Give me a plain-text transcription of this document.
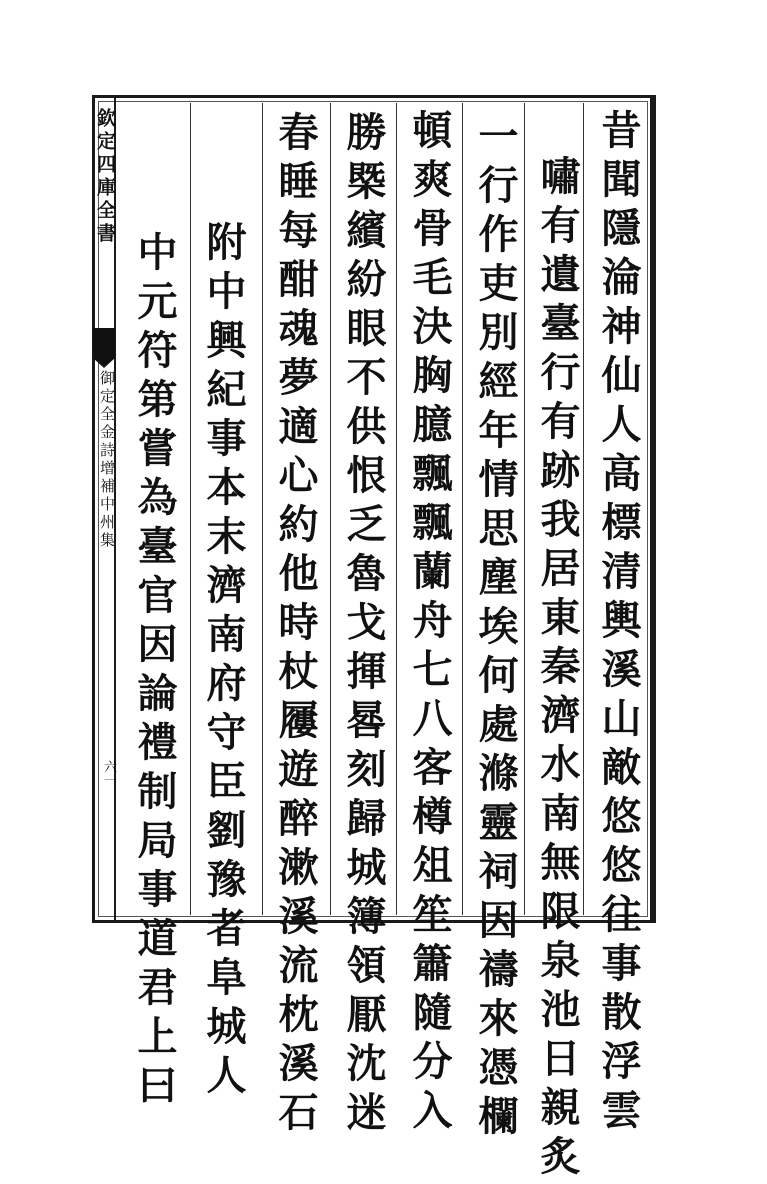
欽定四庫全書
御定全金詩增補中州集
六一	昔聞隱淪神仙人高標清輿溪山敵悠悠往事散浮雲
嘯有遺臺行有跡我居東秦濟水南無限泉池日親炙
一行作吏別經年情思塵埃何處滌靈祠因禱來憑欄
頓爽骨毛決胸臆飄飄蘭舟七八客樽俎笙簫隨分入
勝槩繽紛眼不供恨乏魯戈揮晷刻歸城簿領厭沈迷
春睡每酣魂夢適心約他時杖屨遊醉漱溪流枕溪石
附中興紀事本末濟南府守臣劉豫者阜城人
中元符第嘗為臺官因論禮制局事道君上曰
